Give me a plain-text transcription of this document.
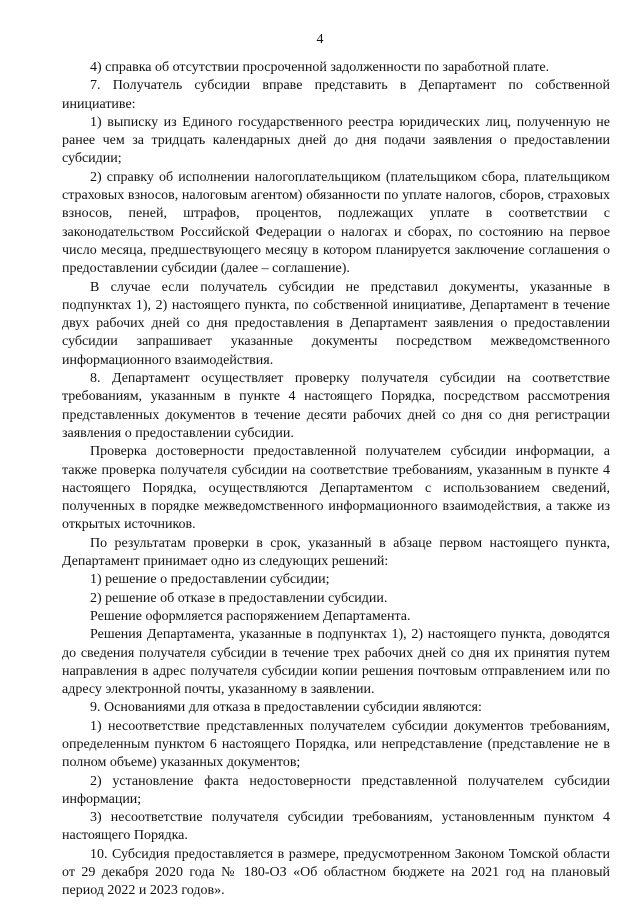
4

4) справка об отсутствии просроченной задолженности по заработной плате.

7. Получатель субсидии вправе представить в Департамент по собственной инициативе:

1) выписку из Единого государственного реестра юридических лиц, полученную не ранее чем за тридцать календарных дней до дня подачи заявления о предоставлении субсидии;

2) справку об исполнении налогоплательщиком (плательщиком сбора, плательщиком страховых взносов, налоговым агентом) обязанности по уплате налогов, сборов, страховых взносов, пеней, штрафов, процентов, подлежащих уплате в соответствии с законодательством Российской Федерации о налогах и сборах, по состоянию на первое число месяца, предшествующего месяцу в котором планируется заключение соглашения о предоставлении субсидии (далее – соглашение).

В случае если получатель субсидии не представил документы, указанные в подпунктах 1), 2) настоящего пункта, по собственной инициативе, Департамент в течение двух рабочих дней со дня предоставления в Департамент заявления о предоставлении субсидии запрашивает указанные документы посредством межведомственного информационного взаимодействия.

8. Департамент осуществляет проверку получателя субсидии на соответствие требованиям, указанным в пункте 4 настоящего Порядка, посредством рассмотрения представленных документов в течение десяти рабочих дней со дня со дня регистрации заявления о предоставлении субсидии.

Проверка достоверности предоставленной получателем субсидии информации, а также проверка получателя субсидии на соответствие требованиям, указанным в пункте 4 настоящего Порядка, осуществляются Департаментом с использованием сведений, полученных в порядке межведомственного информационного взаимодействия, а также из открытых источников.

По результатам проверки в срок, указанный в абзаце первом настоящего пункта, Департамент принимает одно из следующих решений:

1) решение о предоставлении субсидии;

2) решение об отказе в предоставлении субсидии.

Решение оформляется распоряжением Департамента.

Решения Департамента, указанные в подпунктах 1), 2) настоящего пункта, доводятся до сведения получателя субсидии в течение трех рабочих дней со дня их принятия путем направления в адрес получателя субсидии копии решения почтовым отправлением или по адресу электронной почты, указанному в заявлении.

9. Основаниями для отказа в предоставлении субсидии являются:

1) несоответствие представленных получателем субсидии документов требованиям, определенным пунктом 6 настоящего Порядка, или непредставление (представление не в полном объеме) указанных документов;

2) установление факта недостоверности представленной получателем субсидии информации;

3) несоответствие получателя субсидии требованиям, установленным пунктом 4 настоящего Порядка.

10. Субсидия предоставляется в размере, предусмотренном Законом Томской области от 29 декабря 2020 года № 180-ОЗ «Об областном бюджете на 2021 год на плановый период 2022 и 2023 годов».
